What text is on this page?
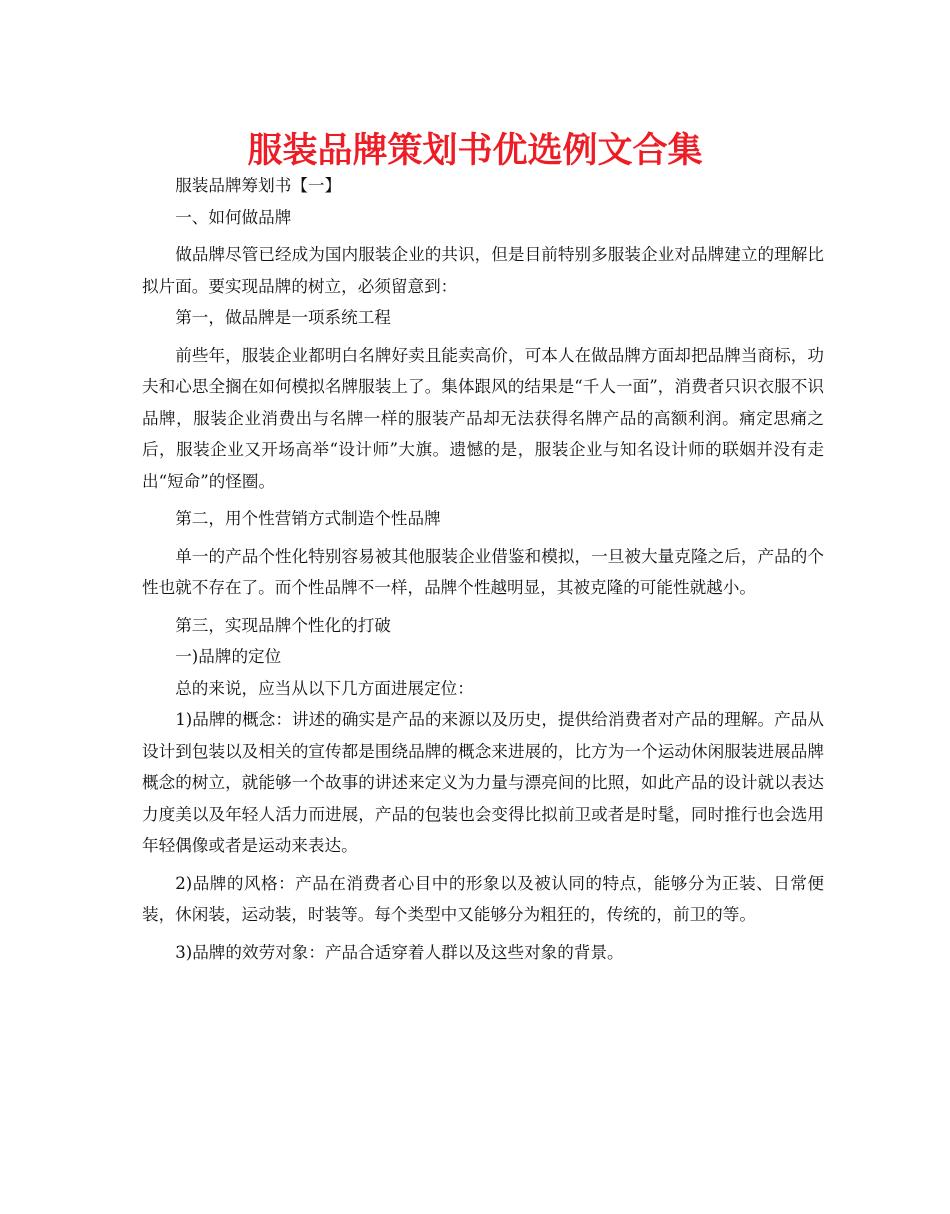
服装品牌策划书优选例文合集

服装品牌筹划书【一】

一、如何做品牌

做品牌尽管已经成为国内服装企业的共识，但是目前特别多服装企业对品牌建立的理解比拟片面。要实现品牌的树立，必须留意到：

第一，做品牌是一项系统工程

前些年，服装企业都明白名牌好卖且能卖高价，可本人在做品牌方面却把品牌当商标，功夫和心思全搁在如何模拟名牌服装上了。集体跟风的结果是“千人一面”，消费者只识衣服不识品牌，服装企业消费出与名牌一样的服装产品却无法获得名牌产品的高额利润。痛定思痛之后，服装企业又开场高举“设计师”大旗。遗憾的是，服装企业与知名设计师的联姻并没有走出“短命”的怪圈。

第二，用个性营销方式制造个性品牌

单一的产品个性化特别容易被其他服装企业借鉴和模拟，一旦被大量克隆之后，产品的个性也就不存在了。而个性品牌不一样，品牌个性越明显，其被克隆的可能性就越小。

第三，实现品牌个性化的打破

一)品牌的定位

总的来说，应当从以下几方面进展定位：

1)品牌的概念：讲述的确实是产品的来源以及历史，提供给消费者对产品的理解。产品从设计到包装以及相关的宣传都是围绕品牌的概念来进展的，比方为一个运动休闲服装进展品牌概念的树立，就能够一个故事的讲述来定义为力量与漂亮间的比照，如此产品的设计就以表达力度美以及年轻人活力而进展，产品的包装也会变得比拟前卫或者是时髦，同时推行也会选用年轻偶像或者是运动来表达。

2)品牌的风格：产品在消费者心目中的形象以及被认同的特点，能够分为正装、日常便装，休闲装，运动装，时装等。每个类型中又能够分为粗狂的，传统的，前卫的等。

3)品牌的效劳对象：产品合适穿着人群以及这些对象的背景。
